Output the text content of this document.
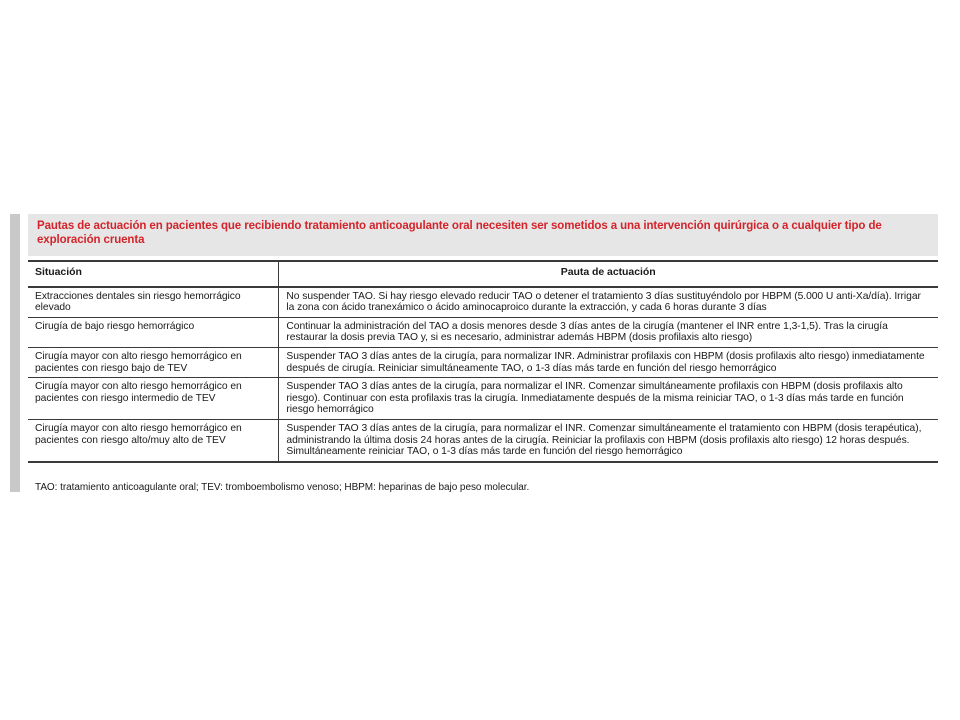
Pautas de actuación en pacientes que recibiendo tratamiento anticoagulante oral necesiten ser sometidos a una intervención quirúrgica o a cualquier tipo de exploración cruenta
Situación	Pauta de actuación
Extracciones dentales sin riesgo hemorrágico elevado	No suspender TAO. Si hay riesgo elevado reducir TAO o detener el tratamiento 3 días sustituyéndolo por HBPM (5.000 U anti-Xa/día). Irrigar la zona con ácido tranexámico o ácido aminocaproico durante la extracción, y cada 6 horas durante 3 días
Cirugía de bajo riesgo hemorrágico	Continuar la administración del TAO a dosis menores desde 3 días antes de la cirugía (mantener el INR entre 1,3-1,5). Tras la cirugía restaurar la dosis previa TAO y, si es necesario, administrar además HBPM (dosis profilaxis alto riesgo)
Cirugía mayor con alto riesgo hemorrágico en pacientes con riesgo bajo de TEV	Suspender TAO 3 días antes de la cirugía, para normalizar INR. Administrar profilaxis con HBPM (dosis profilaxis alto riesgo) inmediatamente después de cirugía. Reiniciar simultáneamente TAO, o 1-3 días más tarde en función del riesgo hemorrágico
Cirugía mayor con alto riesgo hemorrágico en pacientes con riesgo intermedio de TEV	Suspender TAO 3 días antes de la cirugía, para normalizar el INR. Comenzar simultáneamente profilaxis con HBPM (dosis profilaxis alto riesgo). Continuar con esta profilaxis tras la cirugía. Inmediatamente después de la misma reiniciar TAO, o 1-3 días más tarde en función riesgo hemorrágico
Cirugía mayor con alto riesgo hemorrágico en pacientes con riesgo alto/muy alto de TEV	Suspender TAO 3 días antes de la cirugía, para normalizar el INR. Comenzar simultáneamente el tratamiento con HBPM (dosis terapéutica), administrando la última dosis 24 horas antes de la cirugía. Reiniciar la profilaxis con HBPM (dosis profilaxis alto riesgo) 12 horas después. Simultáneamente reiniciar TAO, o 1-3 días más tarde en función del riesgo hemorrágico
TAO: tratamiento anticoagulante oral; TEV: tromboembolismo venoso; HBPM: heparinas de bajo peso molecular.
